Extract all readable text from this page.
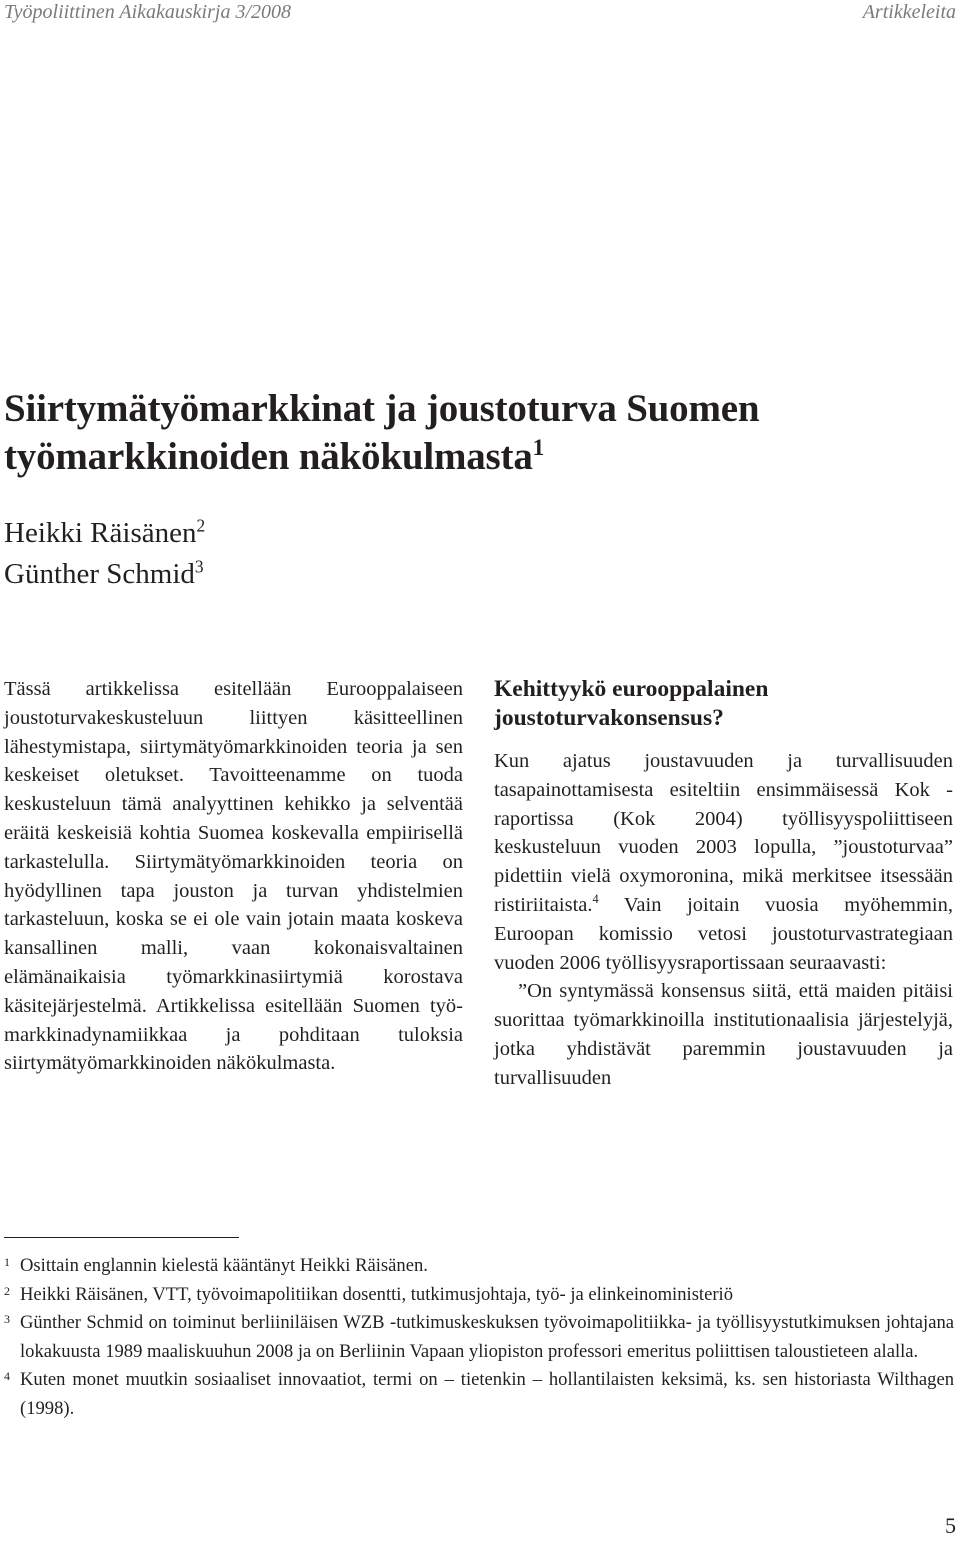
Työpoliittinen Aikakauskirja 3/2008	Artikkeleita
Siirtymätyömarkkinat ja joustoturva Suomen
työmarkkinoiden näkökulmasta$^1$
Heikki Räisänen$^2$
Günther Schmid$^3$

Tässä artikkelissa esitellään Eurooppalaiseen joustoturvakeskusteluun liittyen käsitteellinen lähestymistapa, siirtymätyömarkkinoiden teoria ja sen keskeiset oletukset. Tavoitteenamme on tuoda keskusteluun tämä analyyttinen kehikko ja selventää eräitä keskeisiä kohtia Suomea koskevalla empiirisellä tarkastelulla. Siirtymätyömarkkinoiden teoria on hyödyllinen tapa jouston ja turvan yhdistelmien tarkasteluun, koska se ei ole vain jotain maata koskeva kansallinen malli, vaan kokonaisvaltainen elämänaikaisia työmarkkinasiirtymiä korostava käsitejärjestelmä. Artikkelissa esitellään Suomen työmarkkinadynamiikkaa ja pohditaan tuloksia siirtymätyömarkkinoiden näkökulmasta.

Kehittyykö eurooppalainen joustoturvakonsensus?

Kun ajatus joustavuuden ja turvallisuuden tasapainottamisesta esiteltiin ensimmäisessä Kok -raportissa (Kok 2004) työllisyyspoliittiseen keskusteluun vuoden 2003 lopulla, ”joustoturvaa” pidettiin vielä oxymoronina, mikä merkitsee itsessään ristiriitaista.$^4$ Vain joitain vuosia myöhemmin, Euroopan komissio vetosi joustoturvastrategiaan vuoden 2006 työllisyysraportissaan seuraavasti:

”On syntymässä konsensus siitä, että maiden pitäisi suorittaa työmarkkinoilla institutionaalisia järjestelyjä, jotka yhdistävät paremmin joustavuuden ja turvallisuuden

1 Osittain englannin kielestä kääntänyt Heikki Räisänen.
2 Heikki Räisänen, VTT, työvoimapolitiikan dosentti, tutkimusjohtaja, työ- ja elinkeinoministeriö
3 Günther Schmid on toiminut berliiniläisen WZB -tutkimuskeskuksen työvoimapolitiikka- ja työllisyystutkimuksen johtajana lokakuusta 1989 maaliskuuhun 2008 ja on Berliinin Vapaan yliopiston professori emeritus poliittisen taloustieteen alalla.
4 Kuten monet muutkin sosiaaliset innovaatiot, termi on – tietenkin – hollantilaisten keksimä, ks. sen historiasta Wilthagen (1998).
5
